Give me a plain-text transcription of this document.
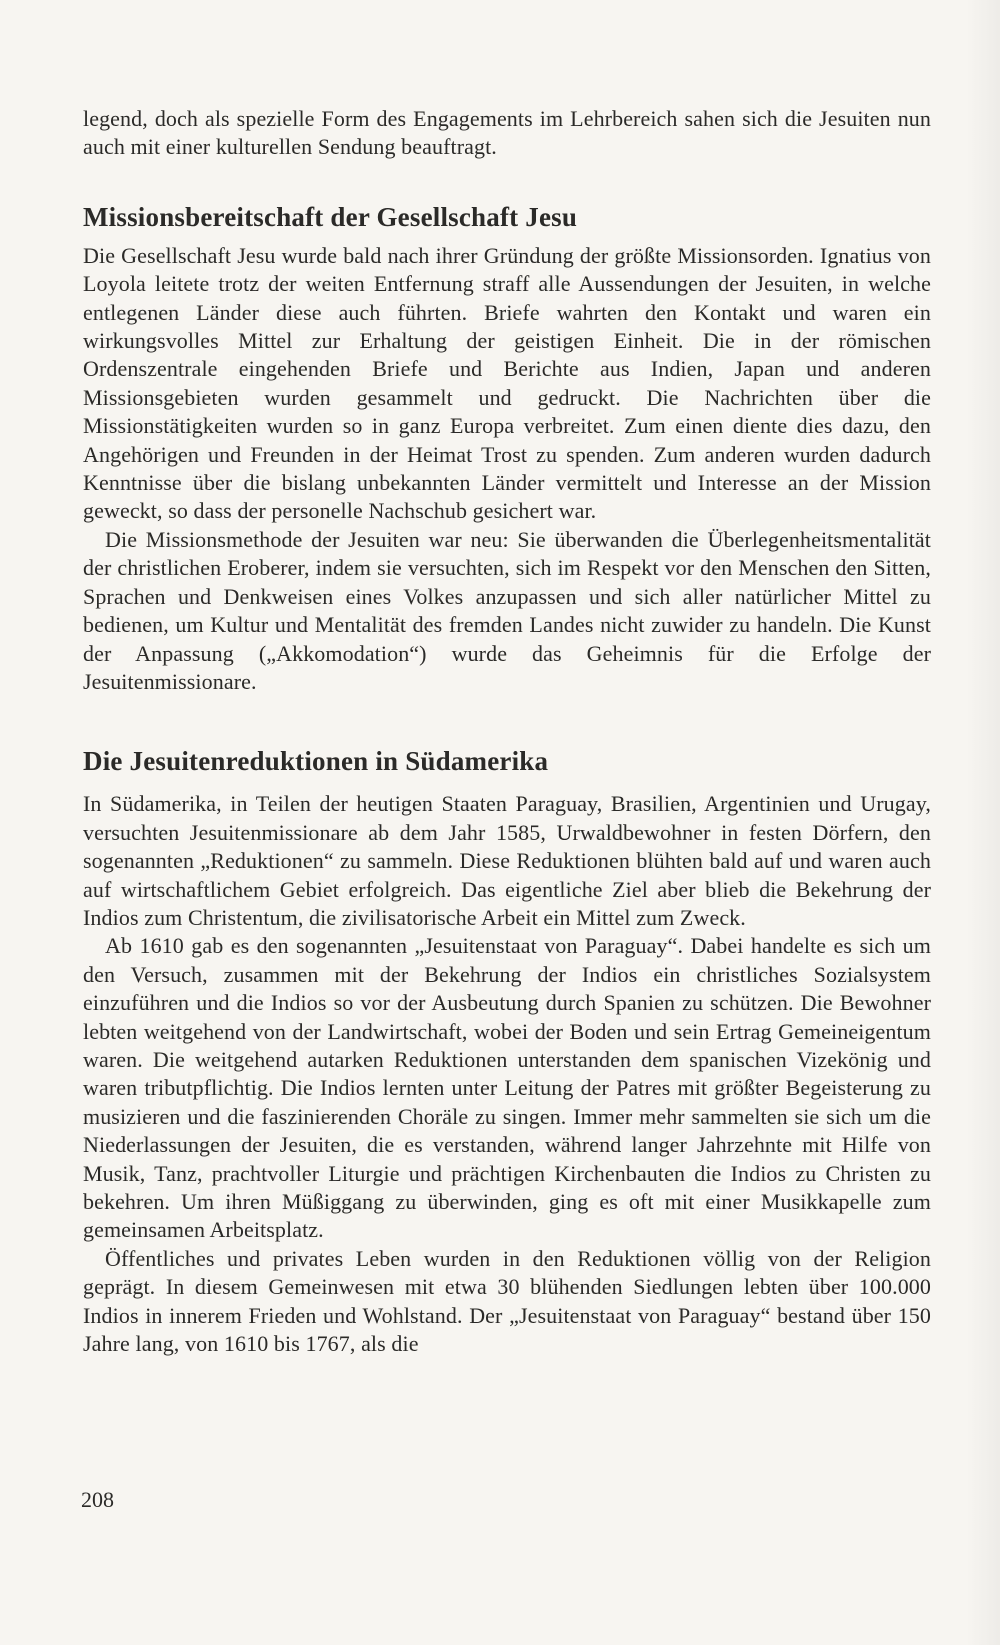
legend, doch als spezielle Form des Engagements im Lehrbereich sahen sich die Jesuiten nun auch mit einer kulturellen Sendung beauftragt.

Missionsbereitschaft der Gesellschaft Jesu

Die Gesellschaft Jesu wurde bald nach ihrer Gründung der größte Missionsorden. Ignatius von Loyola leitete trotz der weiten Entfernung straff alle Aussendungen der Jesuiten, in welche entlegenen Länder diese auch führten. Briefe wahrten den Kontakt und waren ein wirkungsvolles Mittel zur Erhaltung der geistigen Einheit. Die in der römischen Ordenszentrale eingehenden Briefe und Berichte aus Indien, Japan und anderen Missionsgebieten wurden gesammelt und gedruckt. Die Nachrichten über die Missionstätigkeiten wurden so in ganz Europa verbreitet. Zum einen diente dies dazu, den Angehörigen und Freunden in der Heimat Trost zu spenden. Zum anderen wurden dadurch Kenntnisse über die bislang unbekannten Länder vermittelt und Interesse an der Mission geweckt, so dass der personelle Nachschub gesichert war.

Die Missionsmethode der Jesuiten war neu: Sie überwanden die Überlegenheitsmentalität der christlichen Eroberer, indem sie versuchten, sich im Respekt vor den Menschen den Sitten, Sprachen und Denkweisen eines Volkes anzupassen und sich aller natürlicher Mittel zu bedienen, um Kultur und Mentalität des fremden Landes nicht zuwider zu handeln. Die Kunst der Anpassung („Akkomodation“) wurde das Geheimnis für die Erfolge der Jesuitenmissionare.

Die Jesuitenreduktionen in Südamerika

In Südamerika, in Teilen der heutigen Staaten Paraguay, Brasilien, Argentinien und Urugay, versuchten Jesuitenmissionare ab dem Jahr 1585, Urwaldbewohner in festen Dörfern, den sogenannten „Reduktionen“ zu sammeln. Diese Reduktionen blühten bald auf und waren auch auf wirtschaftlichem Gebiet erfolgreich. Das eigentliche Ziel aber blieb die Bekehrung der Indios zum Christentum, die zivilisatorische Arbeit ein Mittel zum Zweck.

Ab 1610 gab es den sogenannten „Jesuitenstaat von Paraguay“. Dabei handelte es sich um den Versuch, zusammen mit der Bekehrung der Indios ein christliches Sozialsystem einzuführen und die Indios so vor der Ausbeutung durch Spanien zu schützen. Die Bewohner lebten weitgehend von der Landwirtschaft, wobei der Boden und sein Ertrag Gemeineigentum waren. Die weitgehend autarken Reduktionen unterstanden dem spanischen Vizekönig und waren tributpflichtig. Die Indios lernten unter Leitung der Patres mit größter Begeisterung zu musizieren und die faszinierenden Choräle zu singen. Immer mehr sammelten sie sich um die Niederlassungen der Jesuiten, die es verstanden, während langer Jahrzehnte mit Hilfe von Musik, Tanz, prachtvoller Liturgie und prächtigen Kirchenbauten die Indios zu Christen zu bekehren. Um ihren Müßiggang zu überwinden, ging es oft mit einer Musikkapelle zum gemeinsamen Arbeitsplatz.

Öffentliches und privates Leben wurden in den Reduktionen völlig von der Religion geprägt. In diesem Gemeinwesen mit etwa 30 blühenden Siedlungen lebten über 100.000 Indios in innerem Frieden und Wohlstand. Der „Jesuitenstaat von Paraguay“ bestand über 150 Jahre lang, von 1610 bis 1767, als die

208
